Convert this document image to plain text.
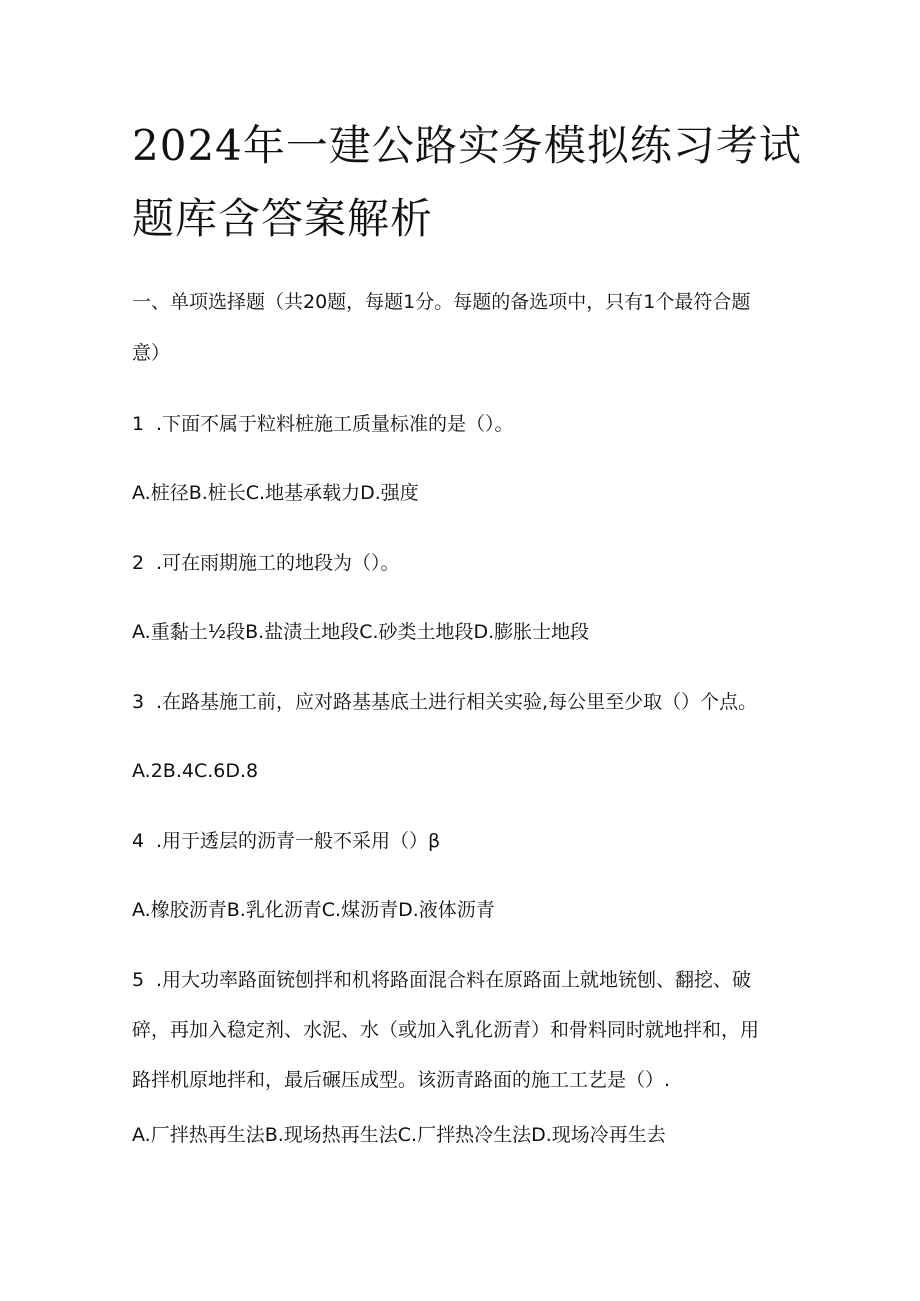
2024年一建公路实务模拟练习考试
题库含答案解析
一、单项选择题（共20题，每题1分。每题的备选项中，只有1个最符合题
意）
1 .下面不属于粒料桩施工质量标准的是（）。
A.桩径B.桩长C.地基承载力D.强度
2 .可在雨期施工的地段为（）。
A.重黏土½段B.盐渍土地段C.砂类土地段D.膨胀士地段
3 .在路基施工前，应对路基基底土进行相关实验,每公里至少取（）个点。
A.2B.4C.6D.8
4 .用于透层的沥青一般不采用（）β
A.橡胶沥青B.乳化沥青C.煤沥青D.液体沥青
5 .用大功率路面铳刨拌和机将路面混合料在原路面上就地铳刨、翻挖、破
碎，再加入稳定剂、水泥、水（或加入乳化沥青）和骨料同时就地拌和，用
路拌机原地拌和，最后碾压成型。该沥青路面的施工工艺是（）.
A.厂拌热再生法B.现场热再生法C.厂拌热冷生法D.现场冷再生去
